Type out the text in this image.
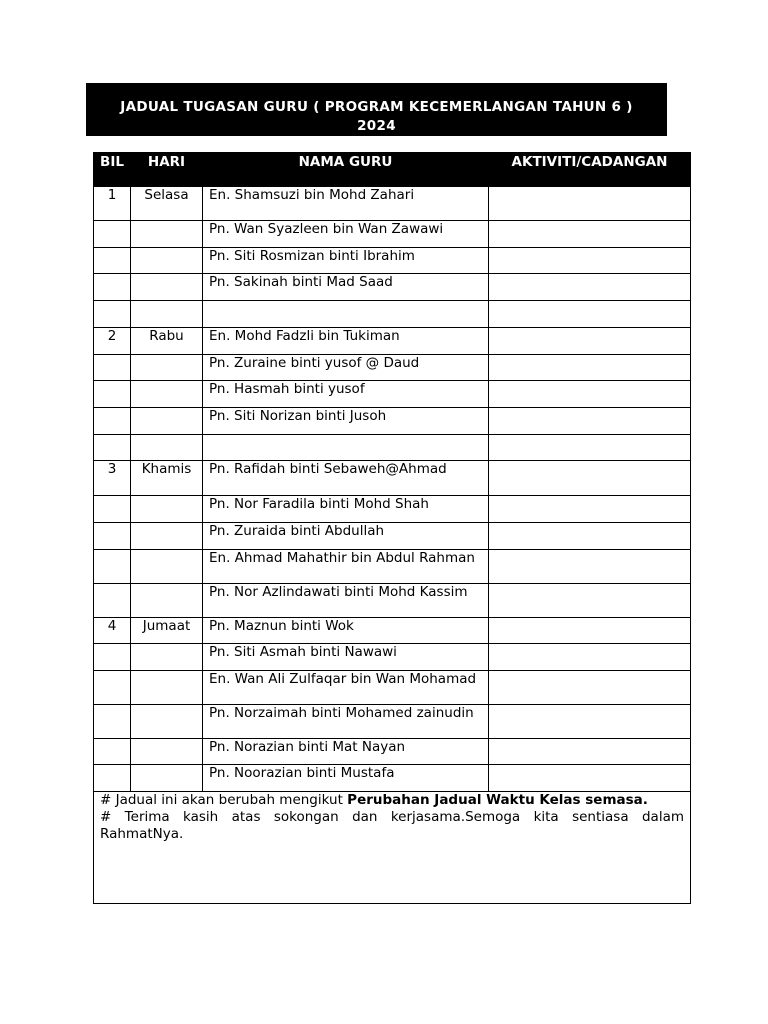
JADUAL TUGASAN GURU ( PROGRAM KECEMERLANGAN TAHUN 6 ) 2024
BIL	HARI	NAMA GURU	AKTIVITI/CADANGAN
1	Selasa	En. Shamsuzi bin Mohd Zahari	
		Pn. Wan Syazleen bin Wan Zawawi	
		Pn. Siti Rosmizan binti Ibrahim	
		Pn. Sakinah binti Mad Saad	

2	Rabu	En. Mohd Fadzli bin Tukiman	
		Pn. Zuraine binti yusof @ Daud	
		Pn. Hasmah binti yusof	
		Pn. Siti Norizan binti Jusoh	

3	Khamis	Pn. Rafidah binti Sebaweh@Ahmad	
		Pn. Nor Faradila binti Mohd Shah	
		Pn. Zuraida binti Abdullah	
		En. Ahmad Mahathir bin Abdul Rahman	
		Pn. Nor Azlindawati binti Mohd Kassim	
4	Jumaat	Pn. Maznun binti Wok	
		Pn. Siti Asmah binti Nawawi	
		En. Wan Ali Zulfaqar bin Wan Mohamad	
		Pn. Norzaimah binti Mohamed zainudin	
		Pn. Norazian binti Mat Nayan	
		Pn. Noorazian binti Mustafa	

# Jadual ini akan berubah mengikut Perubahan Jadual Waktu Kelas semasa.

# Terima kasih atas sokongan dan kerjasama.Semoga kita sentiasa dalam RahmatNya.			
